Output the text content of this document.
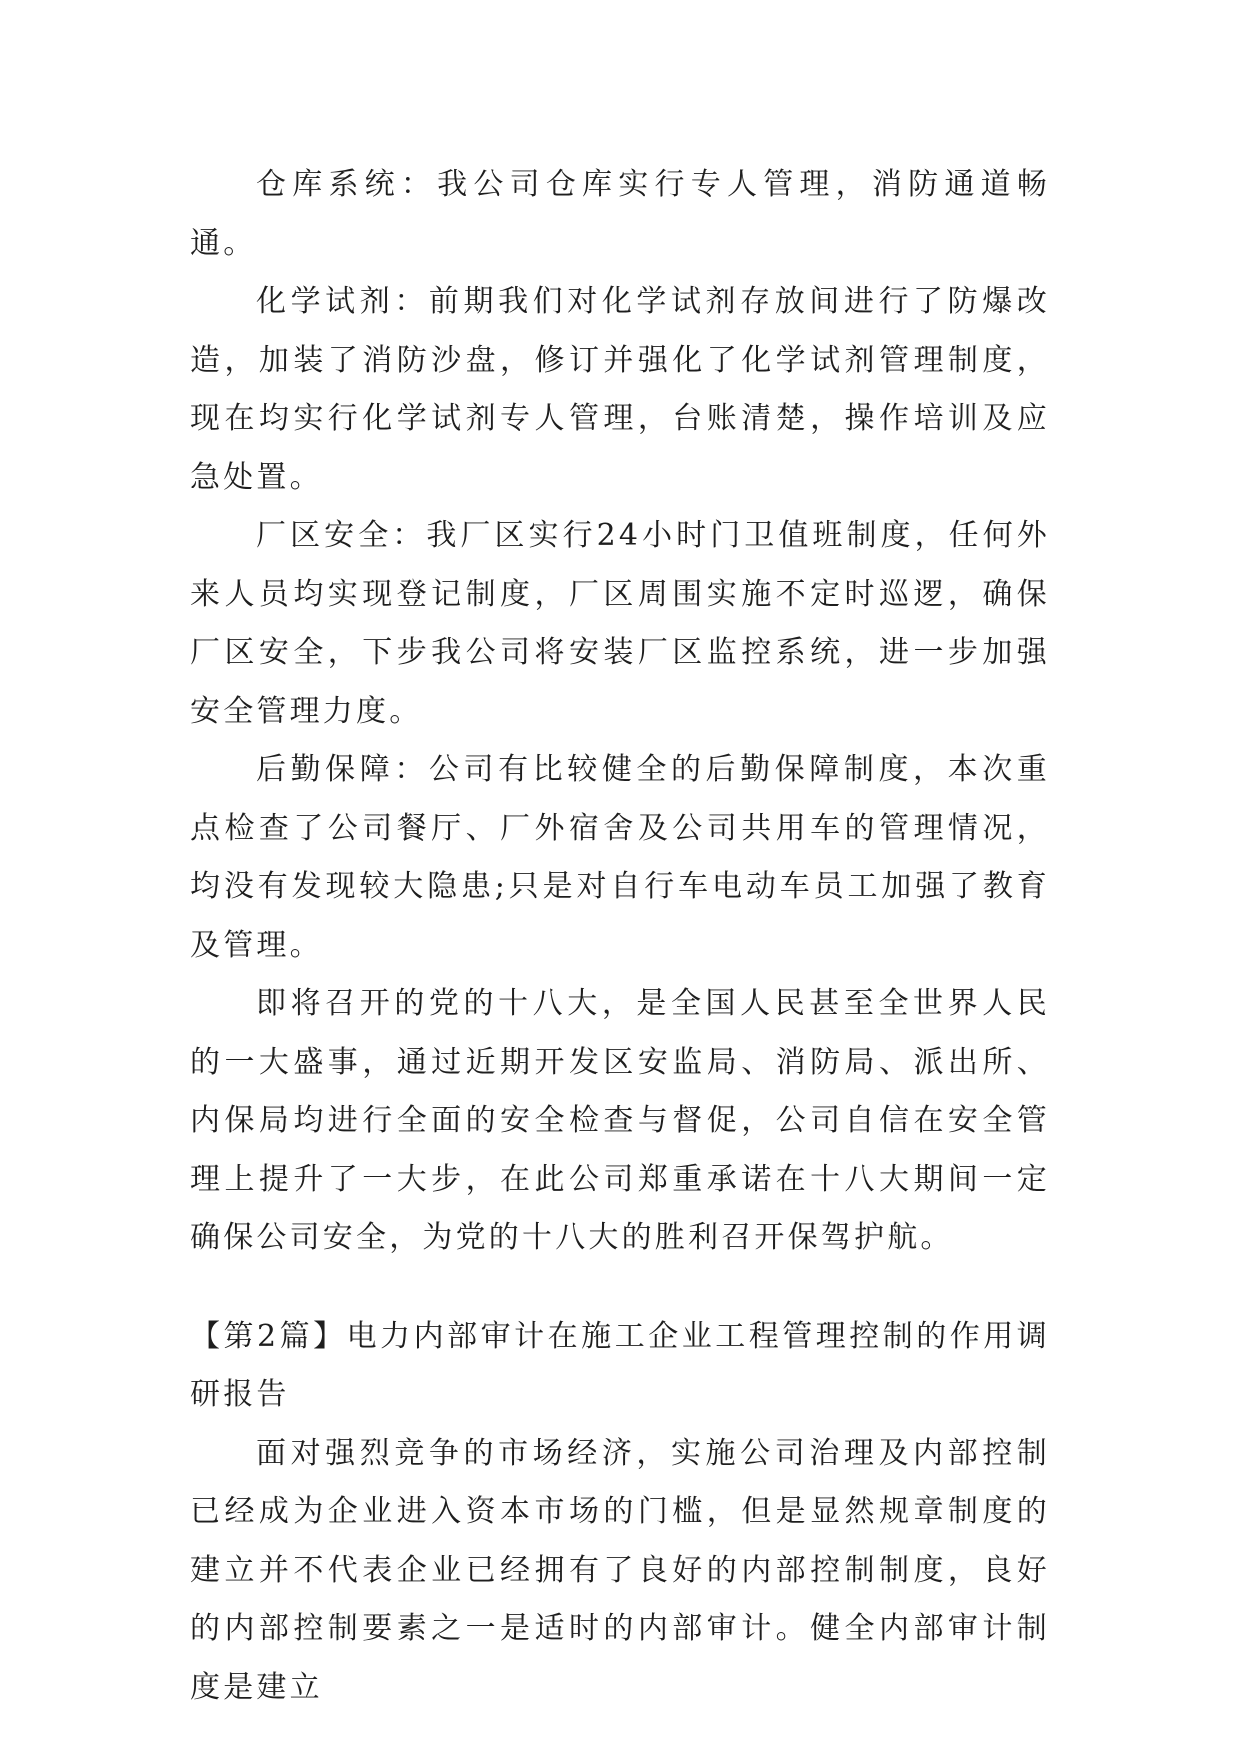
仓库系统：我公司仓库实行专人管理，消防通道畅通。

化学试剂：前期我们对化学试剂存放间进行了防爆改造，加装了消防沙盘，修订并强化了化学试剂管理制度，现在均实行化学试剂专人管理，台账清楚，操作培训及应急处置。

厂区安全：我厂区实行24小时门卫值班制度，任何外来人员均实现登记制度，厂区周围实施不定时巡逻，确保厂区安全，下步我公司将安装厂区监控系统，进一步加强安全管理力度。

后勤保障：公司有比较健全的后勤保障制度，本次重点检查了公司餐厅、厂外宿舍及公司共用车的管理情况，均没有发现较大隐患;只是对自行车电动车员工加强了教育及管理。

即将召开的党的十八大，是全国人民甚至全世界人民的一大盛事，通过近期开发区安监局、消防局、派出所、内保局均进行全面的安全检查与督促，公司自信在安全管理上提升了一大步，在此公司郑重承诺在十八大期间一定确保公司安全，为党的十八大的胜利召开保驾护航。

【第2篇】电力内部审计在施工企业工程管理控制的作用调研报告

面对强烈竞争的市场经济，实施公司治理及内部控制已经成为企业进入资本市场的门槛，但是显然规章制度的建立并不代表企业已经拥有了良好的内部控制制度，良好的内部控制要素之一是适时的内部审计。健全内部审计制度是建立
